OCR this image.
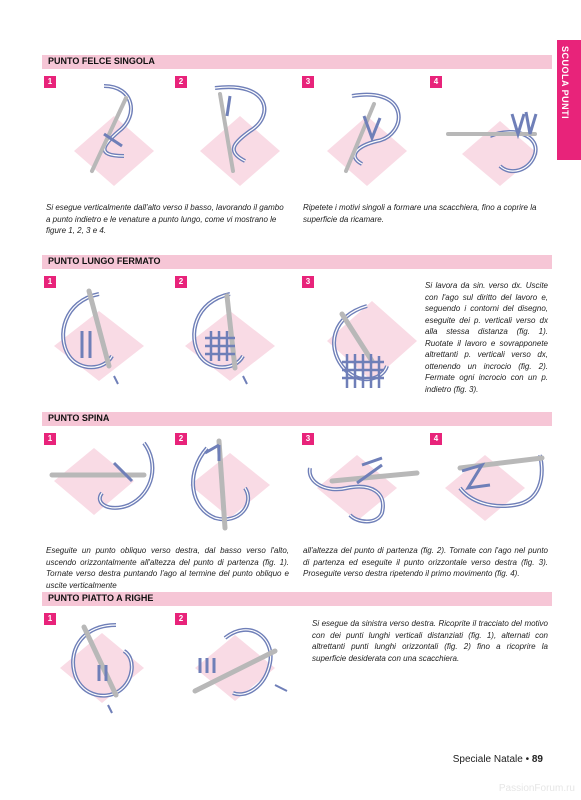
SCUOLA PUNTI
PUNTO FELCE SINGOLA
1	2	3	4
Si esegue verticalmente dall'alto verso il basso, lavorando il gambo a punto indietro e le venature a punto lungo, come vi mostrano le figure 1, 2, 3 e 4.
Ripetete i motivi singoli a formare una scacchiera, fino a coprire la superficie da ricamare.
PUNTO LUNGO FERMATO
1	2	3	Si lavora da sin. verso dx. Uscite con l'ago sul diritto del lavoro e, seguendo i contorni del disegno, eseguite dei p. verticali verso dx alla stessa distanza (fig. 1). Ruotate il lavoro e sovrapponete altrettanti p. verticali verso dx, ottenendo un incrocio (fig. 2). Fermate ogni incrocio con un p. indietro (fig. 3).
PUNTO SPINA
1	2	3	4
Eseguite un punto obliquo verso destra, dal basso verso l'alto, uscendo orizzontalmente all'altezza del punto di partenza (fig. 1). Tornate verso destra puntando l'ago al termine del punto obliquo e uscite verticalmente
all'altezza del punto di partenza (fig. 2). Tornate con l'ago nel punto di partenza ed eseguite il punto orizzontale verso destra (fig. 3). Proseguite verso destra ripetendo il primo movimento (fig. 4).
PUNTO PIATTO A RIGHE
1	2
Si esegue da sinistra verso destra. Ricoprite il tracciato del motivo con dei punti lunghi verticali distanziati (fig. 1), alternati con altrettanti punti lunghi orizzontali (fig. 2) fino a ricoprire la superficie desiderata con una scacchiera.
Speciale Natale • 89
PassionForum.ru
